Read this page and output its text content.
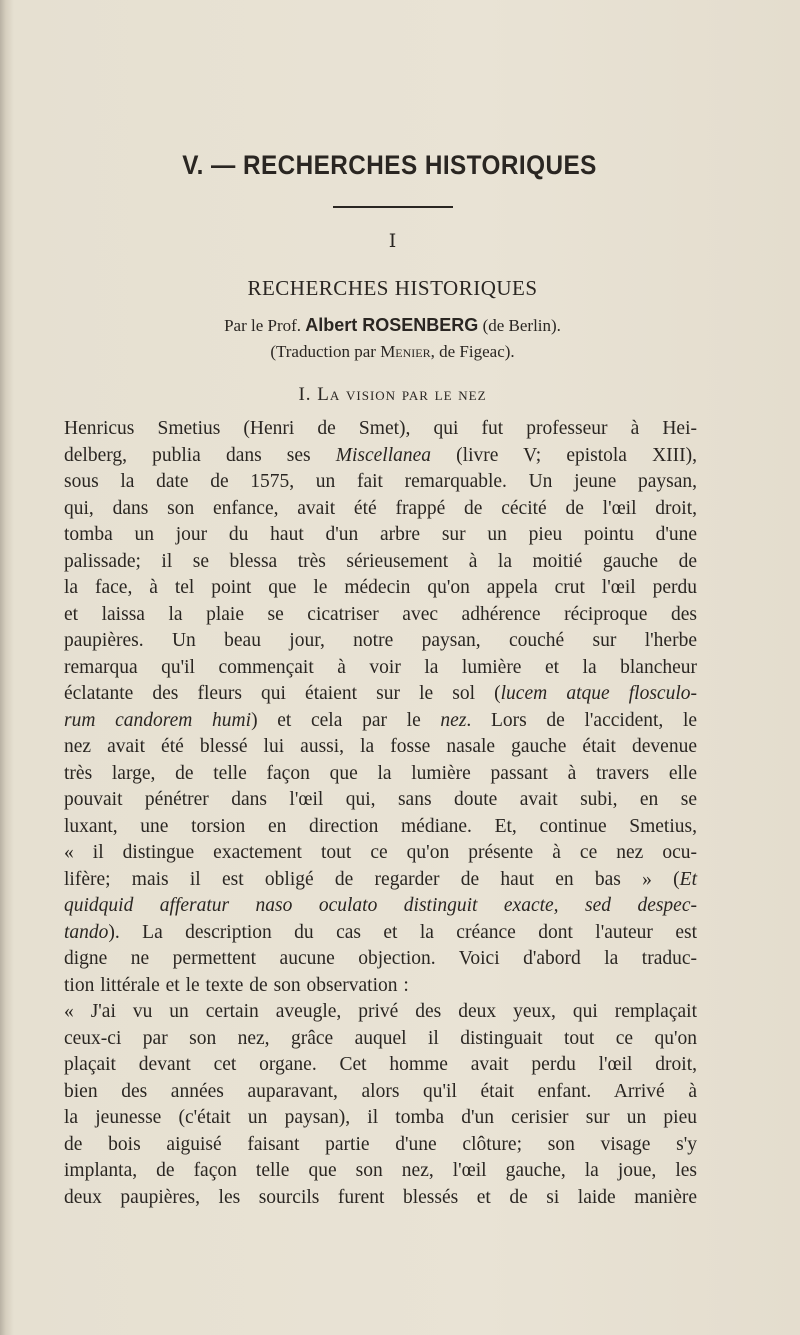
V. — RECHERCHES HISTORIQUES
I
RECHERCHES HISTORIQUES
Par le Prof. Albert ROSENBERG (de Berlin).
(Traduction par Menier, de Figeac).
I. La vision par le nez
Henricus Smetius (Henri de Smet), qui fut professeur à Hei-
delberg, publia dans ses Miscellanea (livre V; epistola XIII),
sous la date de 1575, un fait remarquable. Un jeune paysan,
qui, dans son enfance, avait été frappé de cécité de l'œil droit,
tomba un jour du haut d'un arbre sur un pieu pointu d'une
palissade; il se blessa très sérieusement à la moitié gauche de
la face, à tel point que le médecin qu'on appela crut l'œil perdu
et laissa la plaie se cicatriser avec adhérence réciproque des
paupières. Un beau jour, notre paysan, couché sur l'herbe
remarqua qu'il commençait à voir la lumière et la blancheur
éclatante des fleurs qui étaient sur le sol (lucem atque flosculo-
rum candorem humi) et cela par le nez. Lors de l'accident, le
nez avait été blessé lui aussi, la fosse nasale gauche était devenue
très large, de telle façon que la lumière passant à travers elle
pouvait pénétrer dans l'œil qui, sans doute avait subi, en se
luxant, une torsion en direction médiane. Et, continue Smetius,
« il distingue exactement tout ce qu'on présente à ce nez ocu-
lifère; mais il est obligé de regarder de haut en bas » (Et
quidquid afferatur naso oculato distinguit exacte, sed despec-
tando). La description du cas et la créance dont l'auteur est
digne ne permettent aucune objection. Voici d'abord la traduc-
tion littérale et le texte de son observation :
« J'ai vu un certain aveugle, privé des deux yeux, qui remplaçait
ceux-ci par son nez, grâce auquel il distinguait tout ce qu'on
plaçait devant cet organe. Cet homme avait perdu l'œil droit,
bien des années auparavant, alors qu'il était enfant. Arrivé à
la jeunesse (c'était un paysan), il tomba d'un cerisier sur un pieu
de bois aiguisé faisant partie d'une clôture; son visage s'y
implanta, de façon telle que son nez, l'œil gauche, la joue, les
deux paupières, les sourcils furent blessés et de si laide manière
